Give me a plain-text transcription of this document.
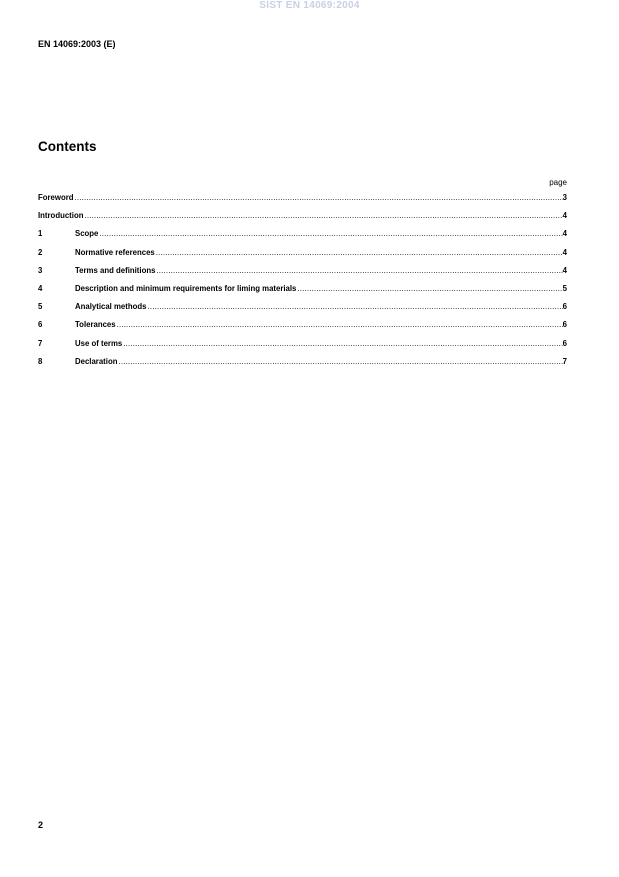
SIST EN 14069:2004
EN 14069:2003 (E)
Contents
page
Foreword .....	3
Introduction .....	4
1	Scope .....	4
2	Normative references .....	4
3	Terms and definitions .....	4
4	Description and minimum requirements for liming materials .....	5
5	Analytical methods .....	6
6	Tolerances .....	6
7	Use of terms .....	6
8	Declaration .....	7
2
